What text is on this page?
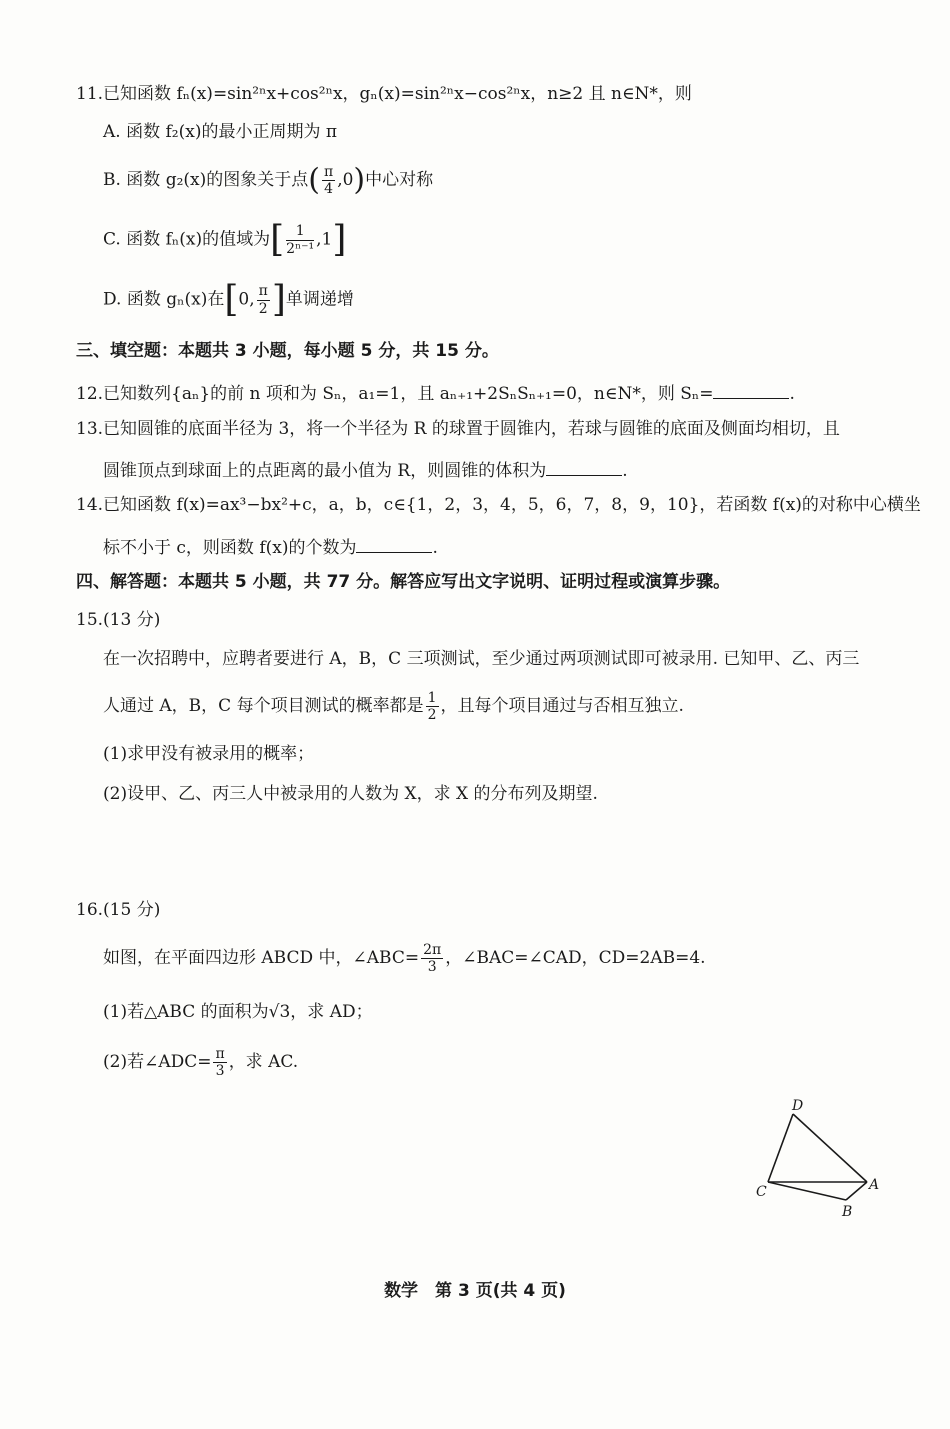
11.已知函数 fₙ(x)=sin²ⁿx+cos²ⁿx，gₙ(x)=sin²ⁿx−cos²ⁿx，n≥2 且 n∈N*，则
A. 函数 f₂(x)的最小正周期为 π
B. 函数 g₂(x)的图象关于点( $\frac{\pi}{4} ,0$)中心对称
C. 函数 fₙ(x)的值域为[ $\frac{1}{\text{2ⁿ⁻¹}} ,1$]
D. 函数 gₙ(x)在[0, $\frac{\pi}{2}$ ]单调递增
三、填空题：本题共 3 小题，每小题 5 分，共 15 分。
12.已知数列{aₙ}的前 n 项和为 Sₙ，a₁=1，且 aₙ₊₁+2SₙSₙ₊₁=0，n∈N*，则 Sₙ=	.
13.已知圆锥的底面半径为 3，将一个半径为 R 的球置于圆锥内，若球与圆锥的底面及侧面均相切，且
圆锥顶点到球面上的点距离的最小值为 R，则圆锥的体积为	.
14.已知函数 f(x)=ax³−bx²+c，a，b，c∈{1，2，3，4，5，6，7，8，9，10}，若函数 f(x)的对称中心横坐
标不小于 c，则函数 f(x)的个数为	.
四、解答题：本题共 5 小题，共 77 分。解答应写出文字说明、证明过程或演算步骤。
15.(13 分)
在一次招聘中，应聘者要进行 A，B，C 三项测试，至少通过两项测试即可被录用. 已知甲、乙、丙三
人通过 A，B，C 每个项目测试的概率都是 $\frac{1}{2}$ ，且每个项目通过与否相互独立.
(1)求甲没有被录用的概率；
(2)设甲、乙、丙三人中被录用的人数为 X，求 X 的分布列及期望.
16.(15 分)
如图，在平面四边形 ABCD 中，∠ABC= $\frac{2\pi}{3}$ ，∠BAC=∠CAD，CD=2AB=4.
(1)若△ABC 的面积为√3，求 AD；
(2)若∠ADC= $\frac{\pi}{3}$ ，求 AC.
D
A
C
B
数学　第 3 页(共 4 页)
